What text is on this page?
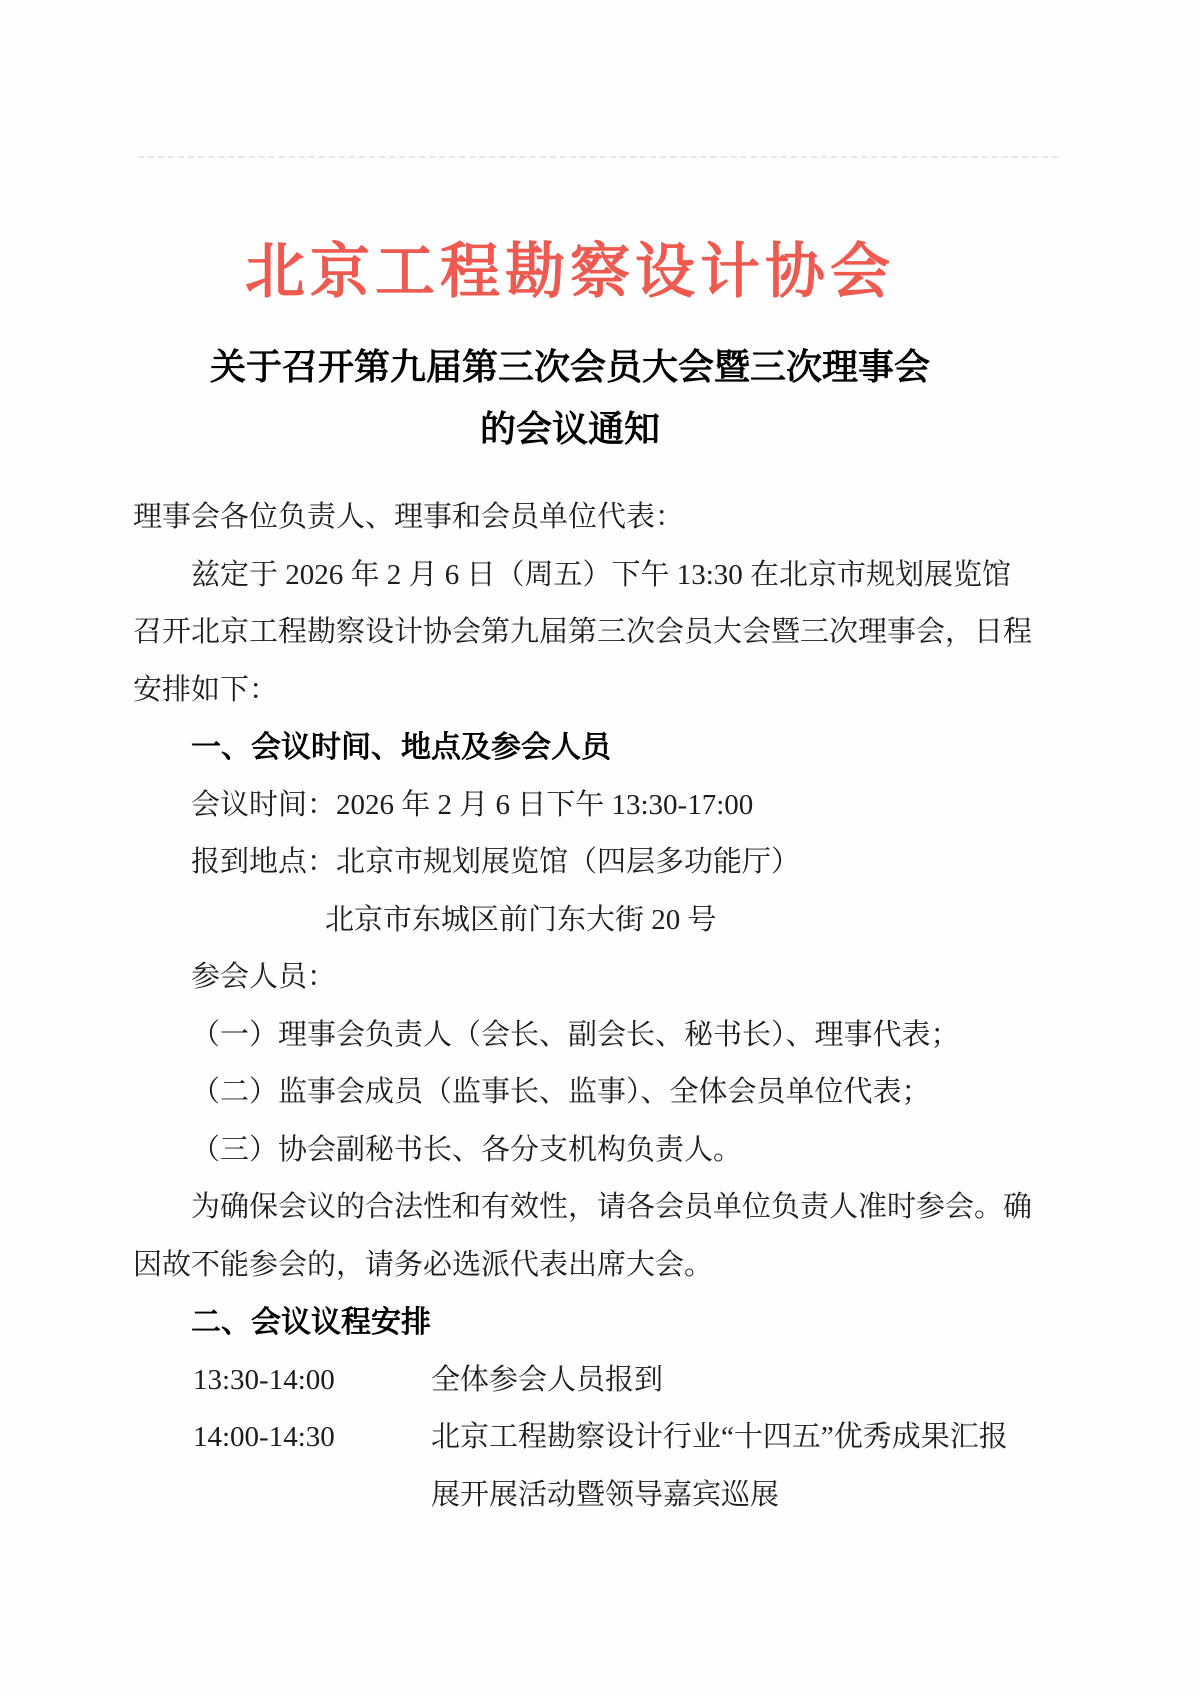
北京工程勘察设计协会
关于召开第九届第三次会员大会暨三次理事会
的会议通知
理事会各位负责人、理事和会员单位代表：
兹定于 2026 年 2 月 6 日（周五）下午 13:30 在北京市规划展览馆
召开北京工程勘察设计协会第九届第三次会员大会暨三次理事会，日程
安排如下：
一、会议时间、地点及参会人员
会议时间：2026 年 2 月 6 日下午 13:30-17:00
报到地点：北京市规划展览馆（四层多功能厅）
北京市东城区前门东大街 20 号
参会人员：
（一）理事会负责人（会长、副会长、秘书长）、理事代表；
（二）监事会成员（监事长、监事）、全体会员单位代表；
（三）协会副秘书长、各分支机构负责人。
为确保会议的合法性和有效性，请各会员单位负责人准时参会。确
因故不能参会的，请务必选派代表出席大会。
二、会议议程安排
13:30-14:00	全体参会人员报到
14:00-14:30	北京工程勘察设计行业“十四五”优秀成果汇报
展开展活动暨领导嘉宾巡展
